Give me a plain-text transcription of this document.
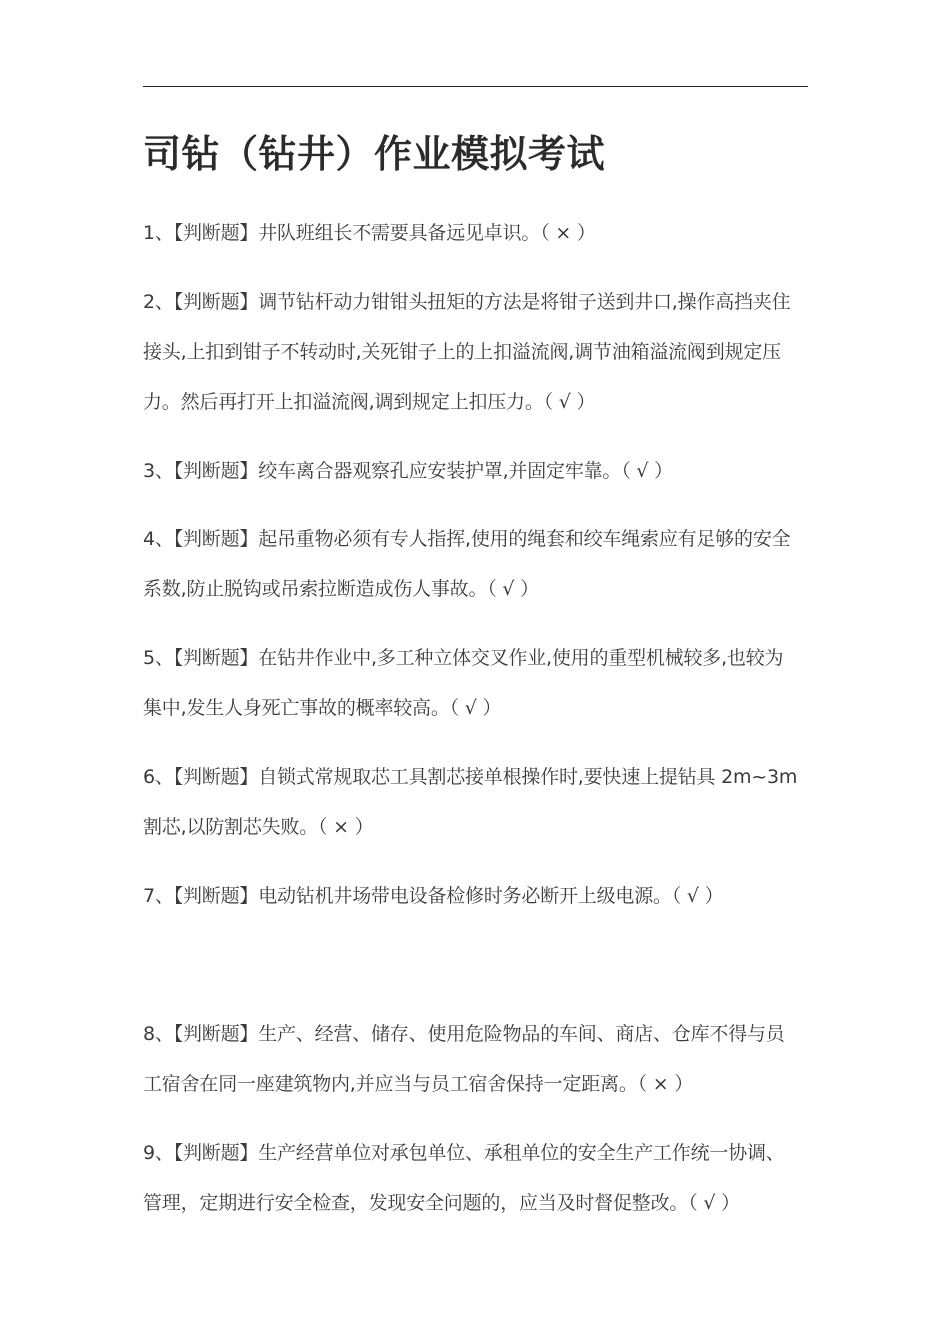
司钻（钻井）作业模拟考试
1、【判断题】井队班组长不需要具备远见卓识。（ × ）
2、【判断题】调节钻杆动力钳钳头扭矩的方法是将钳子送到井口,操作高挡夹住
接头,上扣到钳子不转动时,关死钳子上的上扣溢流阀,调节油箱溢流阀到规定压
力。然后再打开上扣溢流阀,调到规定上扣压力。（ √ ）
3、【判断题】绞车离合器观察孔应安装护罩,并固定牢靠。（ √ ）
4、【判断题】起吊重物必须有专人指挥,使用的绳套和绞车绳索应有足够的安全
系数,防止脱钩或吊索拉断造成伤人事故。（ √ ）
5、【判断题】在钻井作业中,多工种立体交叉作业,使用的重型机械较多,也较为
集中,发生人身死亡事故的概率较高。（ √ ）
6、【判断题】自锁式常规取芯工具割芯接单根操作时,要快速上提钻具 2m~3m
割芯,以防割芯失败。（ × ）
7、【判断题】电动钻机井场带电设备检修时务必断开上级电源。（ √ ）
8、【判断题】生产、经营、储存、使用危险物品的车间、商店、仓库不得与员
工宿舍在同一座建筑物内,并应当与员工宿舍保持一定距离。（ × ）
9、【判断题】生产经营单位对承包单位、承租单位的安全生产工作统一协调、
管理，定期进行安全检查，发现安全问题的，应当及时督促整改。（ √ ）
